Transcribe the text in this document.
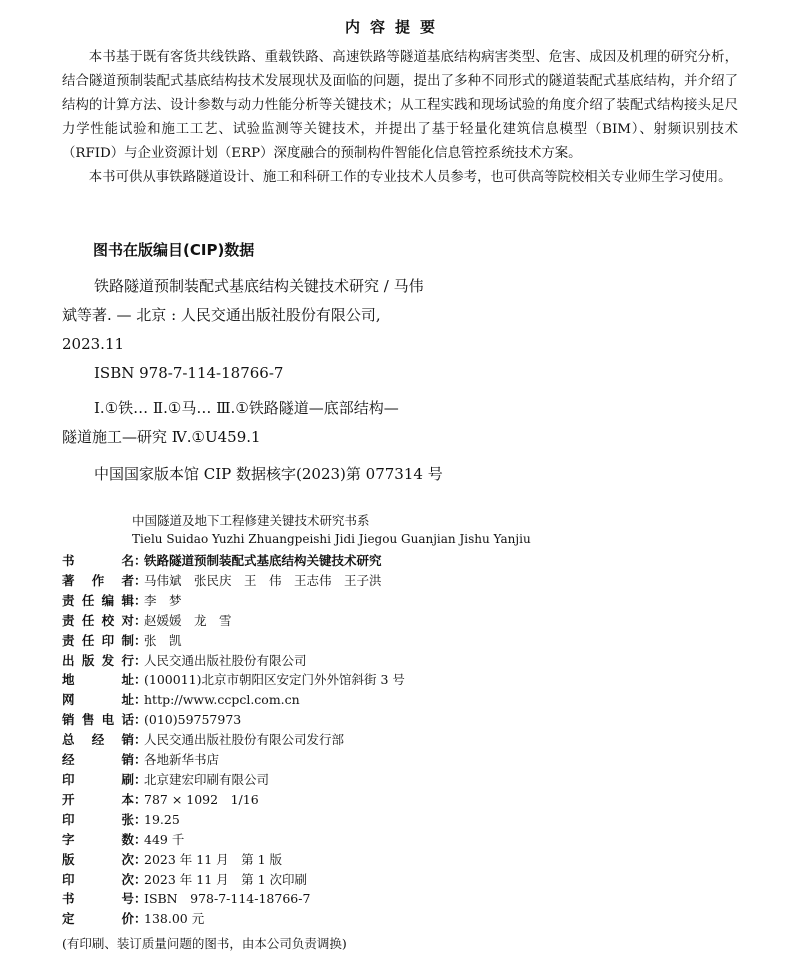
内容提要

本书基于既有客货共线铁路、重载铁路、高速铁路等隧道基底结构病害类型、危害、成因及机理的研究分析，结合隧道预制装配式基底结构技术发展现状及面临的问题，提出了多种不同形式的隧道装配式基底结构，并介绍了结构的计算方法、设计参数与动力性能分析等关键技术；从工程实践和现场试验的角度介绍了装配式结构接头足尺力学性能试验和施工工艺、试验监测等关键技术，并提出了基于轻量化建筑信息模型（BIM）、射频识别技术（RFID）与企业资源计划（ERP）深度融合的预制构件智能化信息管控系统技术方案。

本书可供从事铁路隧道设计、施工和科研工作的专业技术人员参考，也可供高等院校相关专业师生学习使用。

图书在版编目(CIP)数据
铁路隧道预制装配式基底结构关键技术研究 / 马伟
斌等著. — 北京 : 人民交通出版社股份有限公司,
2023.11
ISBN 978-7-114-18766-7
Ⅰ.①铁… Ⅱ.①马… Ⅲ.①铁路隧道—底部结构—
隧道施工—研究 Ⅳ.①U459.1
中国国家版本馆 CIP 数据核字(2023)第 077314 号
中国隧道及地下工程修建关键技术研究书系
Tielu Suidao Yuzhi Zhuangpeishi Jidi Jiegou Guanjian Jishu Yanjiu
书	名 ：
铁路隧道预制装配式基底结构关键技术研究
著 作 者 ：
马伟斌　张民庆　王　伟　王志伟　王子洪
责 任 编 辑 ：
李　梦
责 任 校 对 ：
赵媛媛　龙　雪
责 任 印 制 ：
张　凯
出 版 发 行 ：
人民交通出版社股份有限公司
地	址 ：
(100011)北京市朝阳区安定门外外馆斜街 3 号
网	址 ：
http://www.ccpcl.com.cn
销 售 电 话 ：
(010)59757973
总 经 销 ：
人民交通出版社股份有限公司发行部
经	销 ：
各地新华书店
印	刷 ：
北京建宏印刷有限公司
开	本 ：
787 × 1092　1/16
印	张 ：
19.25
字	数 ：
449 千
版	次 ：
2023 年 11 月　第 1 版
印	次 ：
2023 年 11 月　第 1 次印刷
书	号 ：
ISBN　978-7-114-18766-7
定	价 ：
138.00 元
(有印刷、装订质量问题的图书，由本公司负责调换)
